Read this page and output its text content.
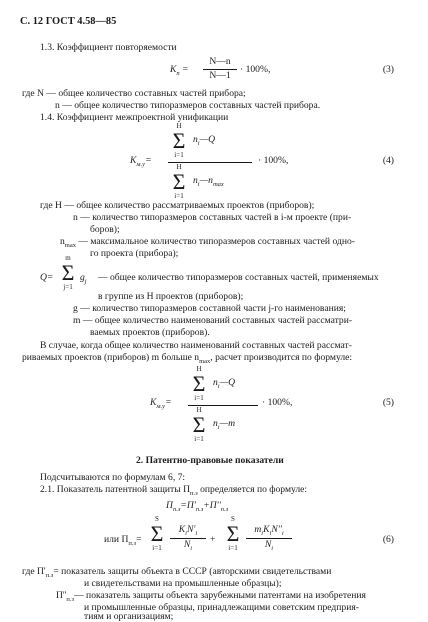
С. 12 ГОСТ 4.58—85
1.3. Коэффициент повторяемости
$K_п$ =
N—n
N—1
· 100%,	(3)
где N — общее количество составных частей прибора;
n — общее количество типоразмеров составных частей прибора.
1.4. Коэффициент межпроектной унификации
$K_{м.у}=$
H
Σ
i=1
$n_i—Q$
H
Σ
i=1
$n_i—n_{max}$
· 100%,	(4)
где H — общее количество рассматриваемых проектов (приборов);
n — количество типоразмеров составных частей в i-м проекте (при-
боров);
$n_{max}$ — максимальное количество типоразмеров составных частей одно-
го проекта (прибора);
Q=
m
Σ
j=1
$g_j$ — общее количество типоразмеров составных частей, применяемых
в группе из H проектов (приборов);
g — количество типоразмеров составной части j-го наименования;
m — общее количество наименований составных частей рассматри-
ваемых проектов (приборов).
В случае, когда общее количество наименований составных частей рассмат-
риваемых проектов (приборов) m больше $n_{max}$, расчет производится по формуле:
$K_{м.у}=$
H
Σ
i=1
$n_i—Q$
H
Σ
i=1
$n_i—m$
· 100%,	(5)
2. Патентно-правовые показатели
Подсчитываются по формулам 6, 7:
2.1. Показатель патентной защиты $П_{п.з}$ определяется по формуле:
$П_{п.з}=П'_{п.з}+П''_{п.з}$
или $П_{п.з}=$
S
Σ
i=1
$K_iN'_i$
$N_i$
+
S
Σ
i=1
$m_iK_iN''_i$
$N_i$
(6)
где $П'_{п.з}=$ показатель защиты объекта в СССР (авторскими свидетельствами
и свидетельствами на промышленные образцы);
$П''_{п.з}—$ показатель защиты объекта зарубежными патентами на изобретения
и промышленные образцы, принадлежащими советским предприя-
тиям и организациям;
